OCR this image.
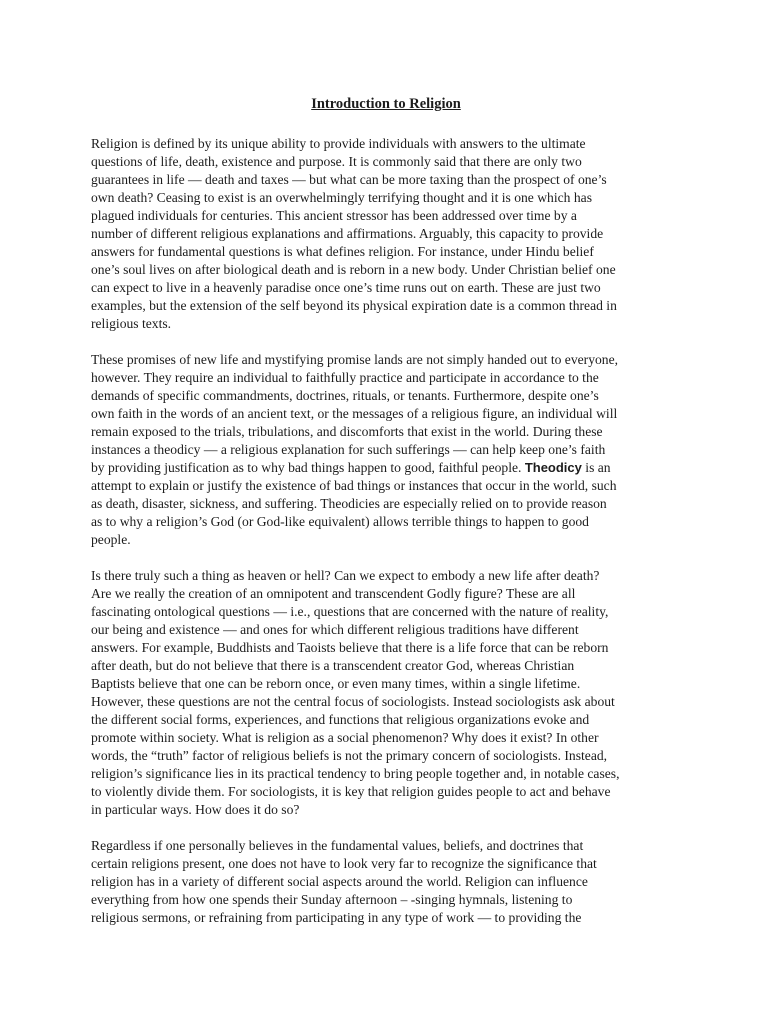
Introduction to Religion
Religion is defined by its unique ability to provide individuals with answers to the ultimate
questions of life, death, existence and purpose. It is commonly said that there are only two
guarantees in life — death and taxes — but what can be more taxing than the prospect of one’s
own death? Ceasing to exist is an overwhelmingly terrifying thought and it is one which has
plagued individuals for centuries. This ancient stressor has been addressed over time by a
number of different religious explanations and affirmations. Arguably, this capacity to provide
answers for fundamental questions is what defines religion. For instance, under Hindu belief
one’s soul lives on after biological death and is reborn in a new body. Under Christian belief one
can expect to live in a heavenly paradise once one’s time runs out on earth. These are just two
examples, but the extension of the self beyond its physical expiration date is a common thread in
religious texts.
These promises of new life and mystifying promise lands are not simply handed out to everyone,
however. They require an individual to faithfully practice and participate in accordance to the
demands of specific commandments, doctrines, rituals, or tenants. Furthermore, despite one’s
own faith in the words of an ancient text, or the messages of a religious figure, an individual will
remain exposed to the trials, tribulations, and discomforts that exist in the world. During these
instances a theodicy — a religious explanation for such sufferings — can help keep one’s faith
by providing justification as to why bad things happen to good, faithful people. Theodicy is an
attempt to explain or justify the existence of bad things or instances that occur in the world, such
as death, disaster, sickness, and suffering. Theodicies are especially relied on to provide reason
as to why a religion’s God (or God-like equivalent) allows terrible things to happen to good
people.
Is there truly such a thing as heaven or hell? Can we expect to embody a new life after death?
Are we really the creation of an omnipotent and transcendent Godly figure? These are all
fascinating ontological questions — i.e., questions that are concerned with the nature of reality,
our being and existence — and ones for which different religious traditions have different
answers. For example, Buddhists and Taoists believe that there is a life force that can be reborn
after death, but do not believe that there is a transcendent creator God, whereas Christian
Baptists believe that one can be reborn once, or even many times, within a single lifetime.
However, these questions are not the central focus of sociologists. Instead sociologists ask about
the different social forms, experiences, and functions that religious organizations evoke and
promote within society. What is religion as a social phenomenon? Why does it exist? In other
words, the “truth” factor of religious beliefs is not the primary concern of sociologists. Instead,
religion’s significance lies in its practical tendency to bring people together and, in notable cases,
to violently divide them. For sociologists, it is key that religion guides people to act and behave
in particular ways. How does it do so?
Regardless if one personally believes in the fundamental values, beliefs, and doctrines that
certain religions present, one does not have to look very far to recognize the significance that
religion has in a variety of different social aspects around the world. Religion can influence
everything from how one spends their Sunday afternoon – -singing hymnals, listening to
religious sermons, or refraining from participating in any type of work — to providing the
